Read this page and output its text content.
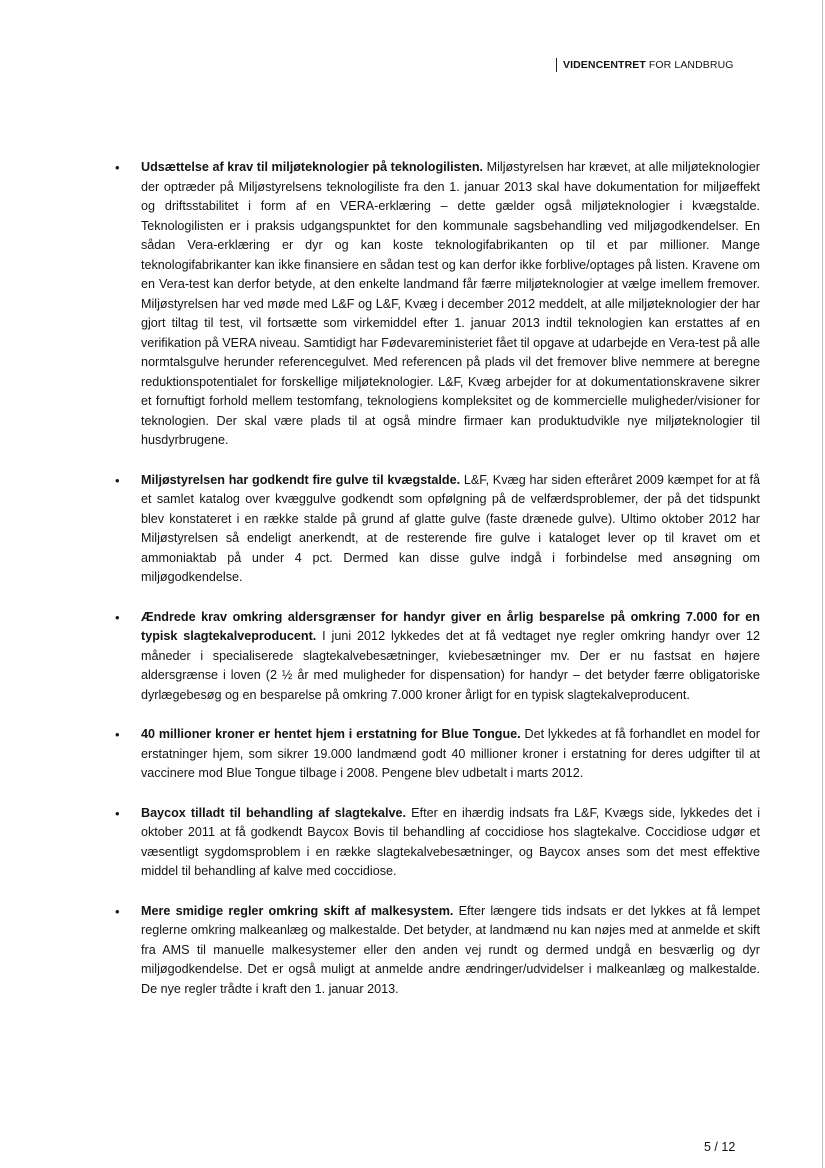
VIDENCENTRET FOR LANDBRUG
• Udsættelse af krav til miljøteknologier på teknologilisten. Miljøstyrelsen har krævet, at alle miljøteknologier der optræder på Miljøstyrelsens teknologiliste fra den 1. januar 2013 skal have dokumentation for miljøeffekt og driftsstabilitet i form af en VERA-erklæring – dette gælder også miljøteknologier i kvægstalde. Teknologilisten er i praksis udgangspunktet for den kommunale sagsbehandling ved miljøgodkendelser. En sådan Vera-erklæring er dyr og kan koste teknologifabrikanten op til et par millioner. Mange teknologifabrikanter kan ikke finansiere en sådan test og kan derfor ikke forblive/optages på listen. Kravene om en Vera-test kan derfor betyde, at den enkelte landmand får færre miljøteknologier at vælge imellem fremover. Miljøstyrelsen har ved møde med L&F og L&F, Kvæg i december 2012 meddelt, at alle miljøteknologier der har gjort tiltag til test, vil fortsætte som virkemiddel efter 1. januar 2013 indtil teknologien kan erstattes af en verifikation på VERA niveau. Samtidigt har Fødevareministeriet fået til opgave at udarbejde en Vera-test på alle normtalsgulve herunder referencegulvet. Med referencen på plads vil det fremover blive nemmere at beregne reduktionspotentialet for forskellige miljøteknologier. L&F, Kvæg arbejder for at dokumentationskravene sikrer et fornuftigt forhold mellem testomfang, teknologiens kompleksitet og de kommercielle muligheder/visioner for teknologien. Der skal være plads til at også mindre firmaer kan produktudvikle nye miljøteknologier til husdyrbrugene.

• Miljøstyrelsen har godkendt fire gulve til kvægstalde. L&F, Kvæg har siden efteråret 2009 kæmpet for at få et samlet katalog over kvæggulve godkendt som opfølgning på de velfærdsproblemer, der på det tidspunkt blev konstateret i en række stalde på grund af glatte gulve (faste drænede gulve). Ultimo oktober 2012 har Miljøstyrelsen så endeligt anerkendt, at de resterende fire gulve i kataloget lever op til kravet om et ammoniaktab på under 4 pct. Dermed kan disse gulve indgå i forbindelse med ansøgning om miljøgodkendelse.

• Ændrede krav omkring aldersgrænser for handyr giver en årlig besparelse på omkring 7.000 for en typisk slagtekalveproducent. I juni 2012 lykkedes det at få vedtaget nye regler omkring handyr over 12 måneder i specialiserede slagtekalvebesætninger, kviebesætninger mv. Der er nu fastsat en højere aldersgrænse i loven (2 ½ år med muligheder for dispensation) for handyr – det betyder færre obligatoriske dyrlægebesøg og en besparelse på omkring 7.000 kroner årligt for en typisk slagtekalveproducent.

• 40 millioner kroner er hentet hjem i erstatning for Blue Tongue. Det lykkedes at få forhandlet en model for erstatninger hjem, som sikrer 19.000 landmænd godt 40 millioner kroner i erstatning for deres udgifter til at vaccinere mod Blue Tongue tilbage i 2008. Pengene blev udbetalt i marts 2012.

• Baycox tilladt til behandling af slagtekalve. Efter en ihærdig indsats fra L&F, Kvægs side, lykkedes det i oktober 2011 at få godkendt Baycox Bovis til behandling af coccidiose hos slagtekalve. Coccidiose udgør et væsentligt sygdomsproblem i en række slagtekalvebesætninger, og Baycox anses som det mest effektive middel til behandling af kalve med coccidiose.

• Mere smidige regler omkring skift af malkesystem. Efter længere tids indsats er det lykkes at få lempet reglerne omkring malkeanlæg og malkestalde. Det betyder, at landmænd nu kan nøjes med at anmelde et skift fra AMS til manuelle malkesystemer eller den anden vej rundt og dermed undgå en besværlig og dyr miljøgodkendelse. Det er også muligt at anmelde andre ændringer/udvidelser i malkeanlæg og malkestalde. De nye regler trådte i kraft den 1. januar 2013.

5 / 12
